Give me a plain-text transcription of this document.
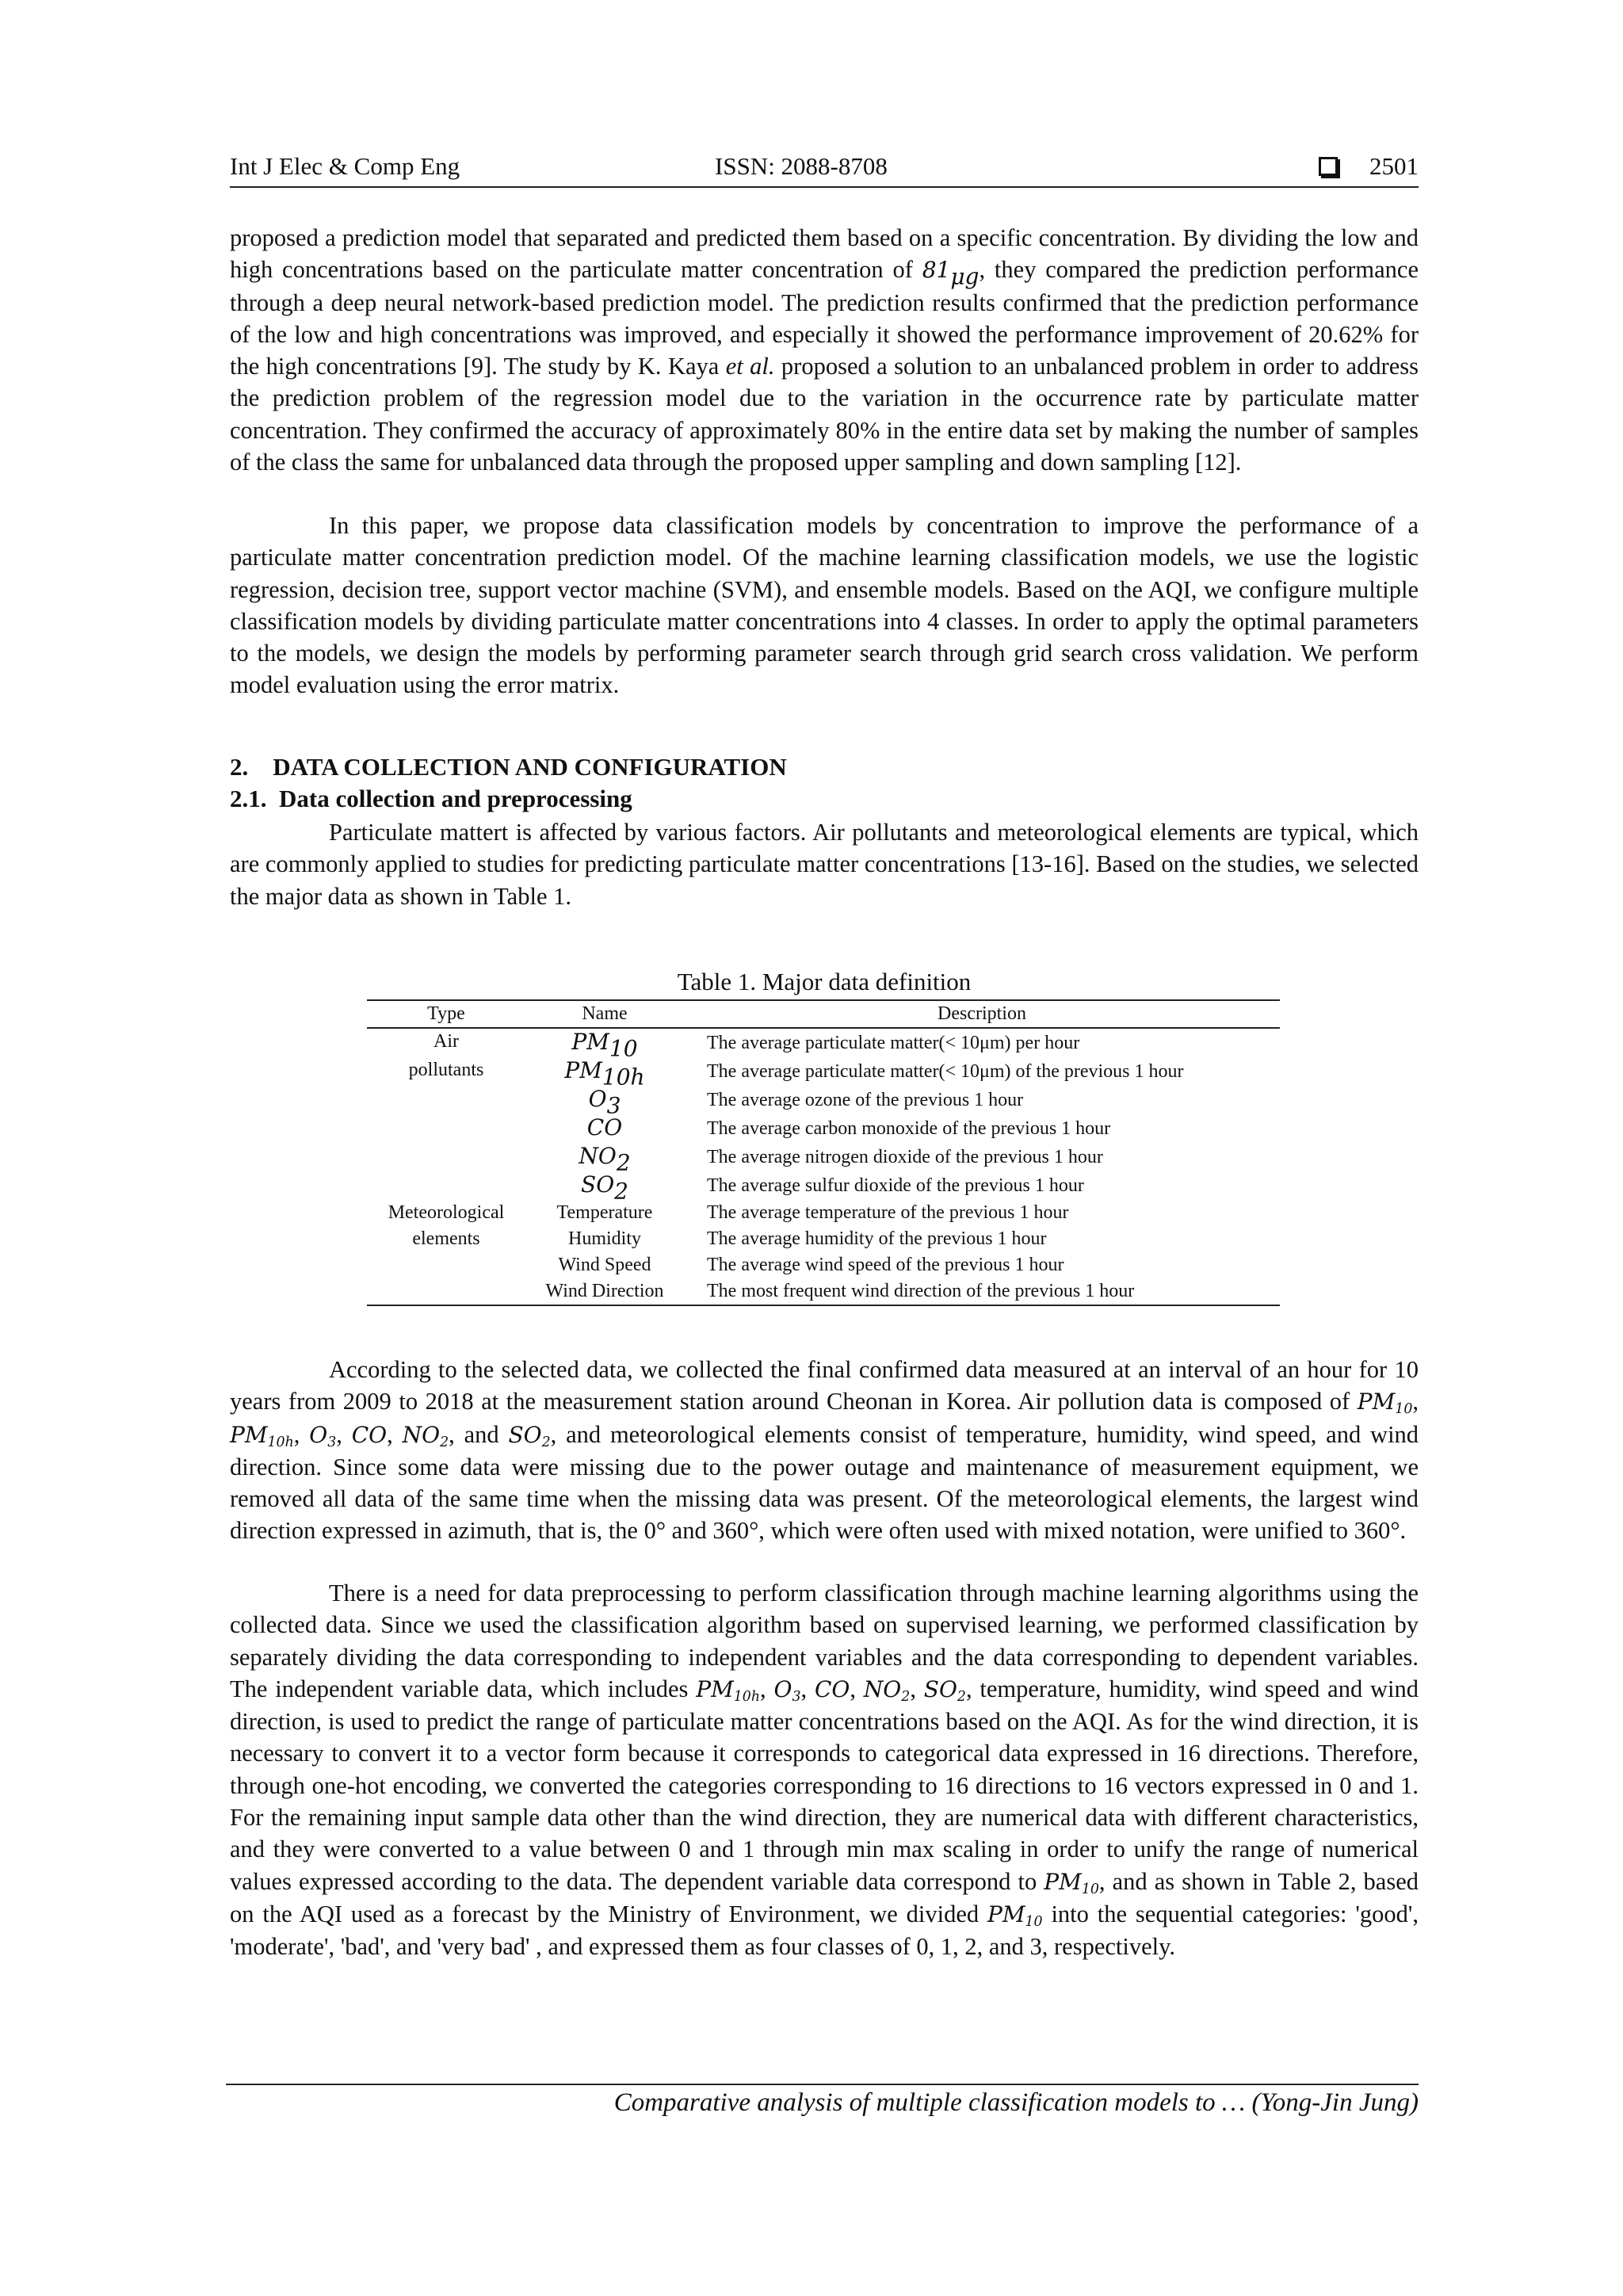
Int J Elec & Comp Eng	ISSN: 2088-8708	2501

proposed a prediction model that separated and predicted them based on a specific concentration. By dividing the low and high concentrations based on the particulate matter concentration of $81_{\mu g}$, they compared the prediction performance through a deep neural network-based prediction model. The prediction results confirmed that the prediction performance of the low and high concentrations was improved, and especially it showed the performance improvement of 20.62% for the high concentrations [9]. The study by K. Kaya et al. proposed a solution to an unbalanced problem in order to address the prediction problem of the regression model due to the variation in the occurrence rate by particulate matter concentration. They confirmed the accuracy of approximately 80% in the entire data set by making the number of samples of the class the same for unbalanced data through the proposed upper sampling and down sampling [12].

In this paper, we propose data classification models by concentration to improve the performance of a particulate matter concentration prediction model. Of the machine learning classification models, we use the logistic regression, decision tree, support vector machine (SVM), and ensemble models. Based on the AQI, we configure multiple classification models by dividing particulate matter concentrations into 4 classes. In order to apply the optimal parameters to the models, we design the models by performing parameter search through grid search cross validation. We perform model evaluation using the error matrix.

2.    DATA COLLECTION AND CONFIGURATION
2.1.  Data collection and preprocessing

Particulate mattert is affected by various factors. Air pollutants and meteorological elements are typical, which are commonly applied to studies for predicting particulate matter concentrations [13-16]. Based on the studies, we selected the major data as shown in Table 1.

Table 1. Major data definition
Type	Name	Description
Air	$PM_{10}$	The average particulate matter(< 10μm) per hour
pollutants	$PM_{10h}$	The average particulate matter(< 10μm) of the previous 1 hour
	$O_3$	The average ozone of the previous 1 hour
	CO	The average carbon monoxide of the previous 1 hour
	$NO_2$	The average nitrogen dioxide of the previous 1 hour
	$SO_2$	The average sulfur dioxide of the previous 1 hour
Meteorological	Temperature	The average temperature of the previous 1 hour
elements	Humidity	The average humidity of the previous 1 hour
	Wind Speed	The average wind speed of the previous 1 hour
	Wind Direction	The most frequent wind direction of the previous 1 hour

According to the selected data, we collected the final confirmed data measured at an interval of an hour for 10 years from 2009 to 2018 at the measurement station around Cheonan in Korea. Air pollution data is composed of $PM_{10}$, $PM_{10h}$, $O_3$, CO, $NO_2$, and $SO_2$, and meteorological elements consist of temperature, humidity, wind speed, and wind direction. Since some data were missing due to the power outage and maintenance of measurement equipment, we removed all data of the same time when the missing data was present. Of the meteorological elements, the largest wind direction expressed in azimuth, that is, the 0° and 360°, which were often used with mixed notation, were unified to 360°.

There is a need for data preprocessing to perform classification through machine learning algorithms using the collected data. Since we used the classification algorithm based on supervised learning, we performed classification by separately dividing the data corresponding to independent variables and the data corresponding to dependent variables. The independent variable data, which includes $PM_{10h}$, $O_3$, CO, $NO_2$, $SO_2$, temperature, humidity, wind speed and wind direction, is used to predict the range of particulate matter concentrations based on the AQI. As for the wind direction, it is necessary to convert it to a vector form because it corresponds to categorical data expressed in 16 directions. Therefore, through one-hot encoding, we converted the categories corresponding to 16 directions to 16 vectors expressed in 0 and 1. For the remaining input sample data other than the wind direction, they are numerical data with different characteristics, and they were converted to a value between 0 and 1 through min max scaling in order to unify the range of numerical values expressed according to the data. The dependent variable data correspond to $PM_{10}$, and as shown in Table 2, based on the AQI used as a forecast by the Ministry of Environment, we divided $PM_{10}$ into the sequential categories: 'good', 'moderate', 'bad', and 'very bad' , and expressed them as four classes of 0, 1, 2, and 3, respectively.

Comparative analysis of multiple classification models to … (Yong-Jin Jung)
